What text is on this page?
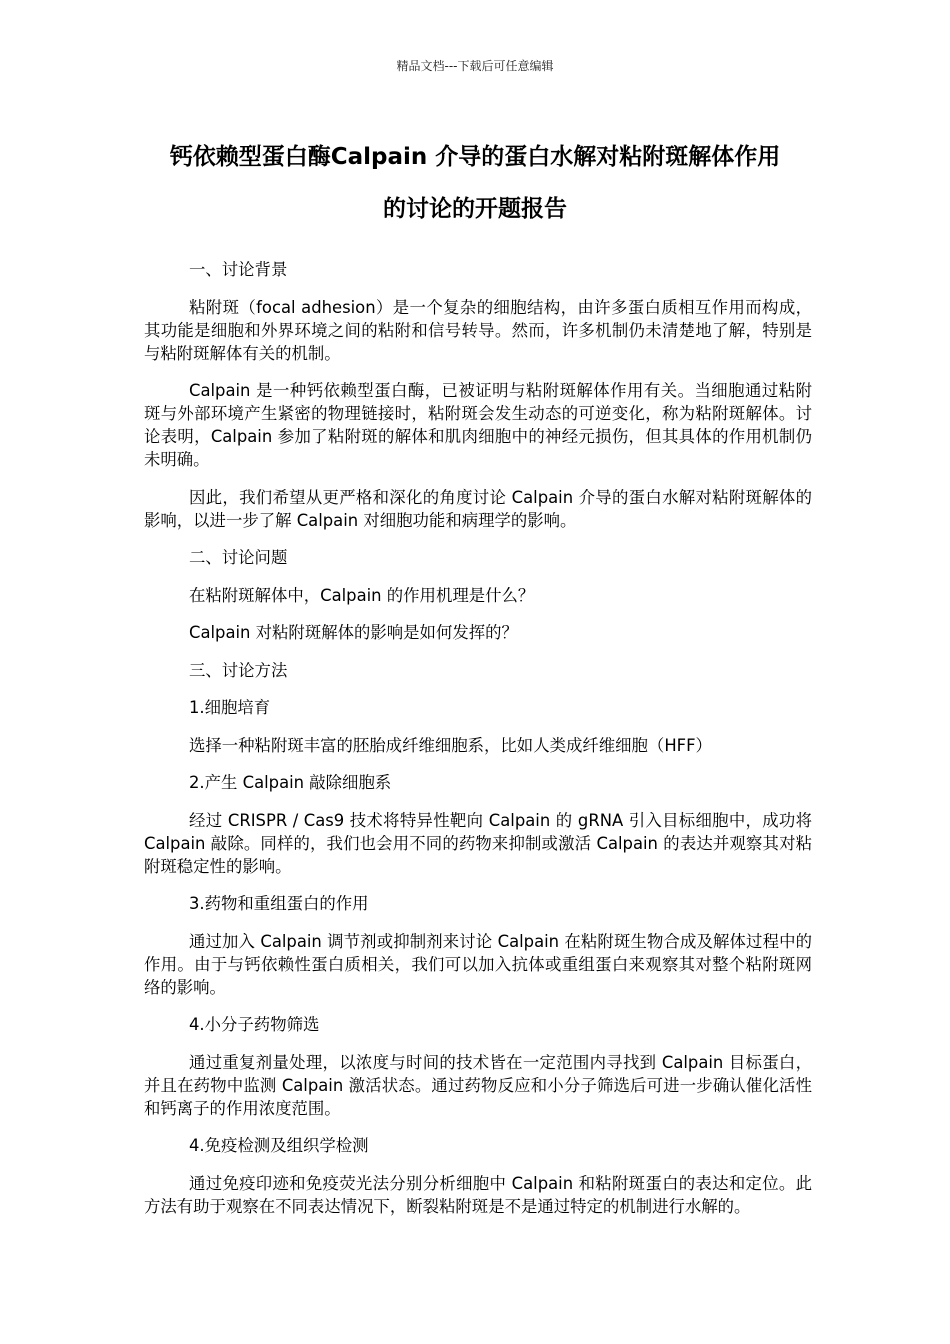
精品文档---下载后可任意编辑
钙依赖型蛋白酶Calpain 介导的蛋白水解对粘附斑解体作用
的讨论的开题报告

一、讨论背景

粘附斑（focal adhesion）是一个复杂的细胞结构，由许多蛋白质相互作用而构成，其功能是细胞和外界环境之间的粘附和信号转导。然而，许多机制仍未清楚地了解，特别是与粘附斑解体有关的机制。

Calpain 是一种钙依赖型蛋白酶，已被证明与粘附斑解体作用有关。当细胞通过粘附斑与外部环境产生紧密的物理链接时，粘附斑会发生动态的可逆变化，称为粘附斑解体。讨论表明，Calpain 参加了粘附斑的解体和肌肉细胞中的神经元损伤，但其具体的作用机制仍未明确。

因此，我们希望从更严格和深化的角度讨论 Calpain 介导的蛋白水解对粘附斑解体的影响，以进一步了解 Calpain 对细胞功能和病理学的影响。

二、讨论问题

在粘附斑解体中，Calpain 的作用机理是什么？

Calpain 对粘附斑解体的影响是如何发挥的？

三、讨论方法

1.细胞培育

选择一种粘附斑丰富的胚胎成纤维细胞系，比如人类成纤维细胞（HFF）

2.产生 Calpain 敲除细胞系

经过 CRISPR / Cas9 技术将特异性靶向 Calpain 的 gRNA 引入目标细胞中，成功将 Calpain 敲除。同样的，我们也会用不同的药物来抑制或激活 Calpain 的表达并观察其对粘附斑稳定性的影响。

3.药物和重组蛋白的作用

通过加入 Calpain 调节剂或抑制剂来讨论 Calpain 在粘附斑生物合成及解体过程中的作用。由于与钙依赖性蛋白质相关，我们可以加入抗体或重组蛋白来观察其对整个粘附斑网络的影响。

4.小分子药物筛选

通过重复剂量处理，以浓度与时间的技术皆在一定范围内寻找到 Calpain 目标蛋白，并且在药物中监测 Calpain 激活状态。通过药物反应和小分子筛选后可进一步确认催化活性和钙离子的作用浓度范围。

4.免疫检测及组织学检测

通过免疫印迹和免疫荧光法分别分析细胞中 Calpain 和粘附斑蛋白的表达和定位。此方法有助于观察在不同表达情况下，断裂粘附斑是不是通过特定的机制进行水解的。
